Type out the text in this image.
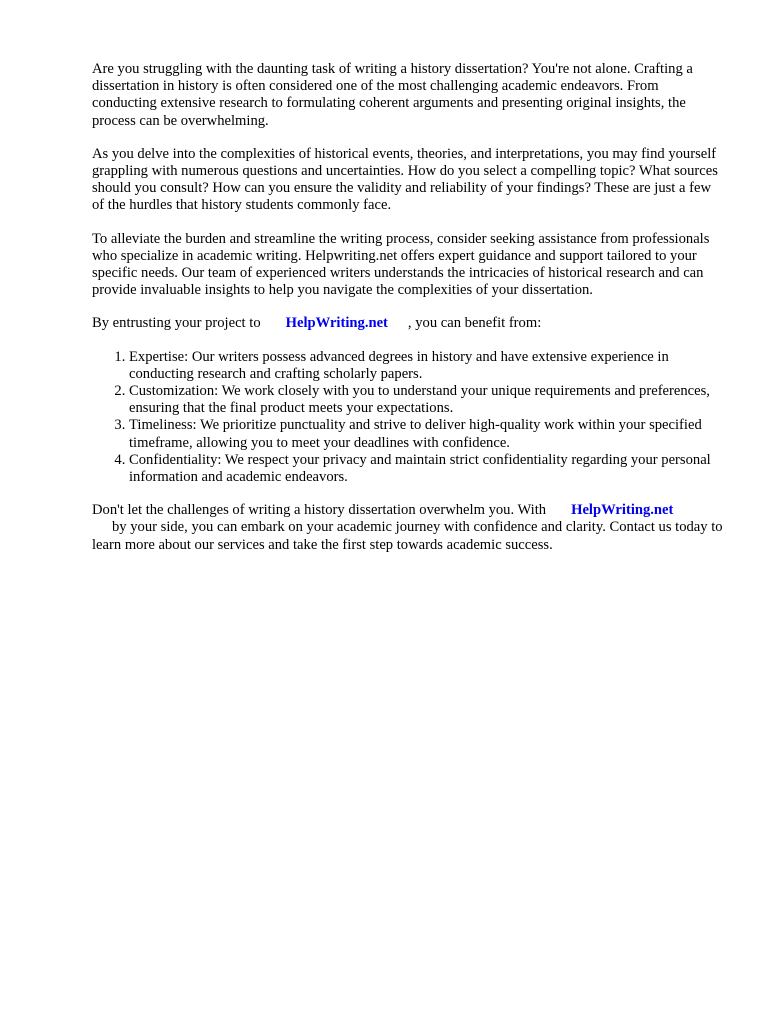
Are you struggling with the daunting task of writing a history dissertation? You're not alone. Crafting a dissertation in history is often considered one of the most challenging academic endeavors. From conducting extensive research to formulating coherent arguments and presenting original insights, the process can be overwhelming.

As you delve into the complexities of historical events, theories, and interpretations, you may find yourself grappling with numerous questions and uncertainties. How do you select a compelling topic? What sources should you consult? How can you ensure the validity and reliability of your findings? These are just a few of the hurdles that history students commonly face.

To alleviate the burden and streamline the writing process, consider seeking assistance from professionals who specialize in academic writing. Helpwriting.net offers expert guidance and support tailored to your specific needs. Our team of experienced writers understands the intricacies of historical research and can provide invaluable insights to help you navigate the complexities of your dissertation.

By entrusting your project to HelpWriting.net , you can benefit from:

1. Expertise: Our writers possess advanced degrees in history and have extensive experience in conducting research and crafting scholarly papers.
2. Customization: We work closely with you to understand your unique requirements and preferences, ensuring that the final product meets your expectations.
3. Timeliness: We prioritize punctuality and strive to deliver high-quality work within your specified timeframe, allowing you to meet your deadlines with confidence.
4. Confidentiality: We respect your privacy and maintain strict confidentiality regarding your personal information and academic endeavors.

Don't let the challenges of writing a history dissertation overwhelm you. With HelpWriting.net
by your side, you can embark on your academic journey with confidence and clarity. Contact us today to learn more about our services and take the first step towards academic success.
